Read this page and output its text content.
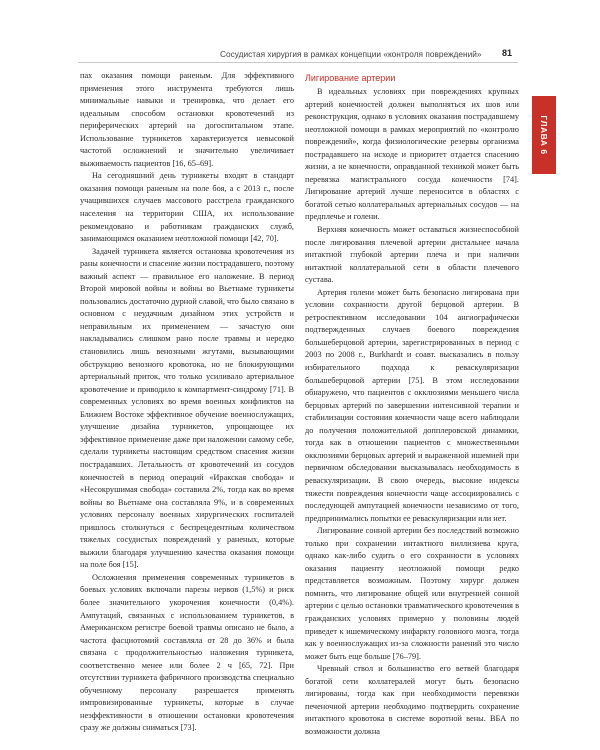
Сосудистая хирургия в рамках концепции «контроля повреждений» 81
ГЛАВА 6

пах оказания помощи раненым. Для эффективного применения этого инструмента требуются лишь минимальные навыки и тренировка, что делает его идеальным способом остановки кровотечений из периферических артерий на догоспитальном этапе. Использование турникетов характеризуется невысокой частотой осложнений и значительно увеличивает выживаемость пациентов [16, 65–69].

На сегодняшний день турникеты входят в стандарт оказания помощи раненым на поле боя, а с 2013 г., после учащившихся случаев массового расстрела гражданского населения на территории США, их использование рекомендовано и работникам гражданских служб, занимающимся оказанием неотложной помощи [42, 70].

Задачей турникета является остановка кровотечения из раны конечности и спасение жизни пострадавшего, поэтому важный аспект — правильное его наложение. В период Второй мировой войны и войны во Вьетнаме турникеты пользовались достаточно дурной славой, что было связано в основном с неудачным дизайном этих устройств и неправильным их применением — зачастую они накладывались слишком рано после травмы и нередко становились лишь венозными жгутами, вызывающими обструкцию венозного кровотока, но не блокирующими артериальный приток, что только усиливало артериальное кровотечение и приводило к компартмент-синдрому [71]. В современных условиях во время военных конфликтов на Ближнем Востоке эффективное обучение военнослужащих, улучшение дизайна турникетов, упрощающее их эффективное применение даже при наложении самому себе, сделали турникеты настоящим средством спасения жизни пострадавших. Летальность от кровотечений из сосудов конечностей в период операций «Иракская свобода» и «Несокрушимая свобода» составила 2%, тогда как во время войны во Вьетнаме она составляла 9%, и в современных условиях персоналу военных хирургических госпиталей пришлось столкнуться с беспрецедентным количеством тяжелых сосудистых повреждений у раненых, которые выжили благодаря улучшению качества оказания помощи на поле боя [15].

Осложнения применения современных турникетов в боевых условиях включали парезы нервов (1,5%) и риск более значительного укорочения конечности (0,4%). Ампутаций, связанных с использованием турникетов, в Американском регистре боевой травмы описано не было, а частота фасциотомий составляла от 28 до 36% и была связана с продолжительностью наложения турникета, соответственно менее или более 2 ч [65, 72]. При отсутствии турникета фабричного производства специально обученному персоналу разрешается применять импровизированные турникеты, которые в случае неэффективности в отношении остановки кровотечения сразу же должны сниматься [73].

Лигирование артерии

В идеальных условиях при повреждениях крупных артерий конечностей должен выполняться их шов или реконструкция, однако в условиях оказания пострадавшему неотложной помощи в рамках мероприятий по «контролю повреждений», когда физиологические резервы организма пострадавшего на исходе и приоритет отдается спасению жизни, а не конечности, оправданной техникой может быть перевязка магистрального сосуда конечности [74]. Лигирование артерий лучше переносится в областях с богатой сетью коллатеральных артериальных сосудов — на предплечье и голени.

Верхняя конечность может оставаться жизнеспособной после лигирования плечевой артерии дистальнее начала интактной глубокой артерии плеча и при наличии интактной коллатеральной сети в области плечевого сустава.

Артерия голени может быть безопасно лигирована при условии сохранности другой берцовой артерии. В ретроспективном исследовании 104 ангиографически подтвержденных случаев боевого повреждения большеберцовой артерии, зарегистрированных в период с 2003 по 2008 г., Burkhardt и соавт. высказались в пользу избирательного подхода к реваскуляризации большеберцовой артерии [75]. В этом исследовании обнаружено, что пациентов с окклюзиями меньшего числа берцовых артерий по завершении интенсивной терапии и стабилизации состояния конечности чаще всего наблюдали до получения положительной допплеровской динамики, тогда как в отношении пациентов с множественными окклюзиями берцовых артерий и выраженной ишемией при первичном обследовании высказывалась необходимость в реваскуляризации. В свою очередь, высокие индексы тяжести повреждения конечности чаще ассоциировались с последующей ампутацией конечности независимо от того, предпринимались попытки ее реваскуляризации или нет.

Лигирование сонной артерии без последствий возможно только при сохранении интактного виллизиева круга, однако как-либо судить о его сохранности в условиях оказания пациенту неотложной помощи редко представляется возможным. Поэтому хирург должен помнить, что лигирование общей или внутренней сонной артерии с целью остановки травматического кровотечения в гражданских условиях примерно у половины людей приведет к ишемическому инфаркту головного мозга, тогда как у военнослужащих из-за сложности ранений это число может быть еще больше [76–79].

Чревный ствол и большинство его ветвей благодаря богатой сети коллатералей могут быть безопасно лигированы, тогда как при необходимости перевязки печеночной артерии необходимо подтвердить сохранение интактного кровотока в системе воротной вены. ВБА по возможности должна
